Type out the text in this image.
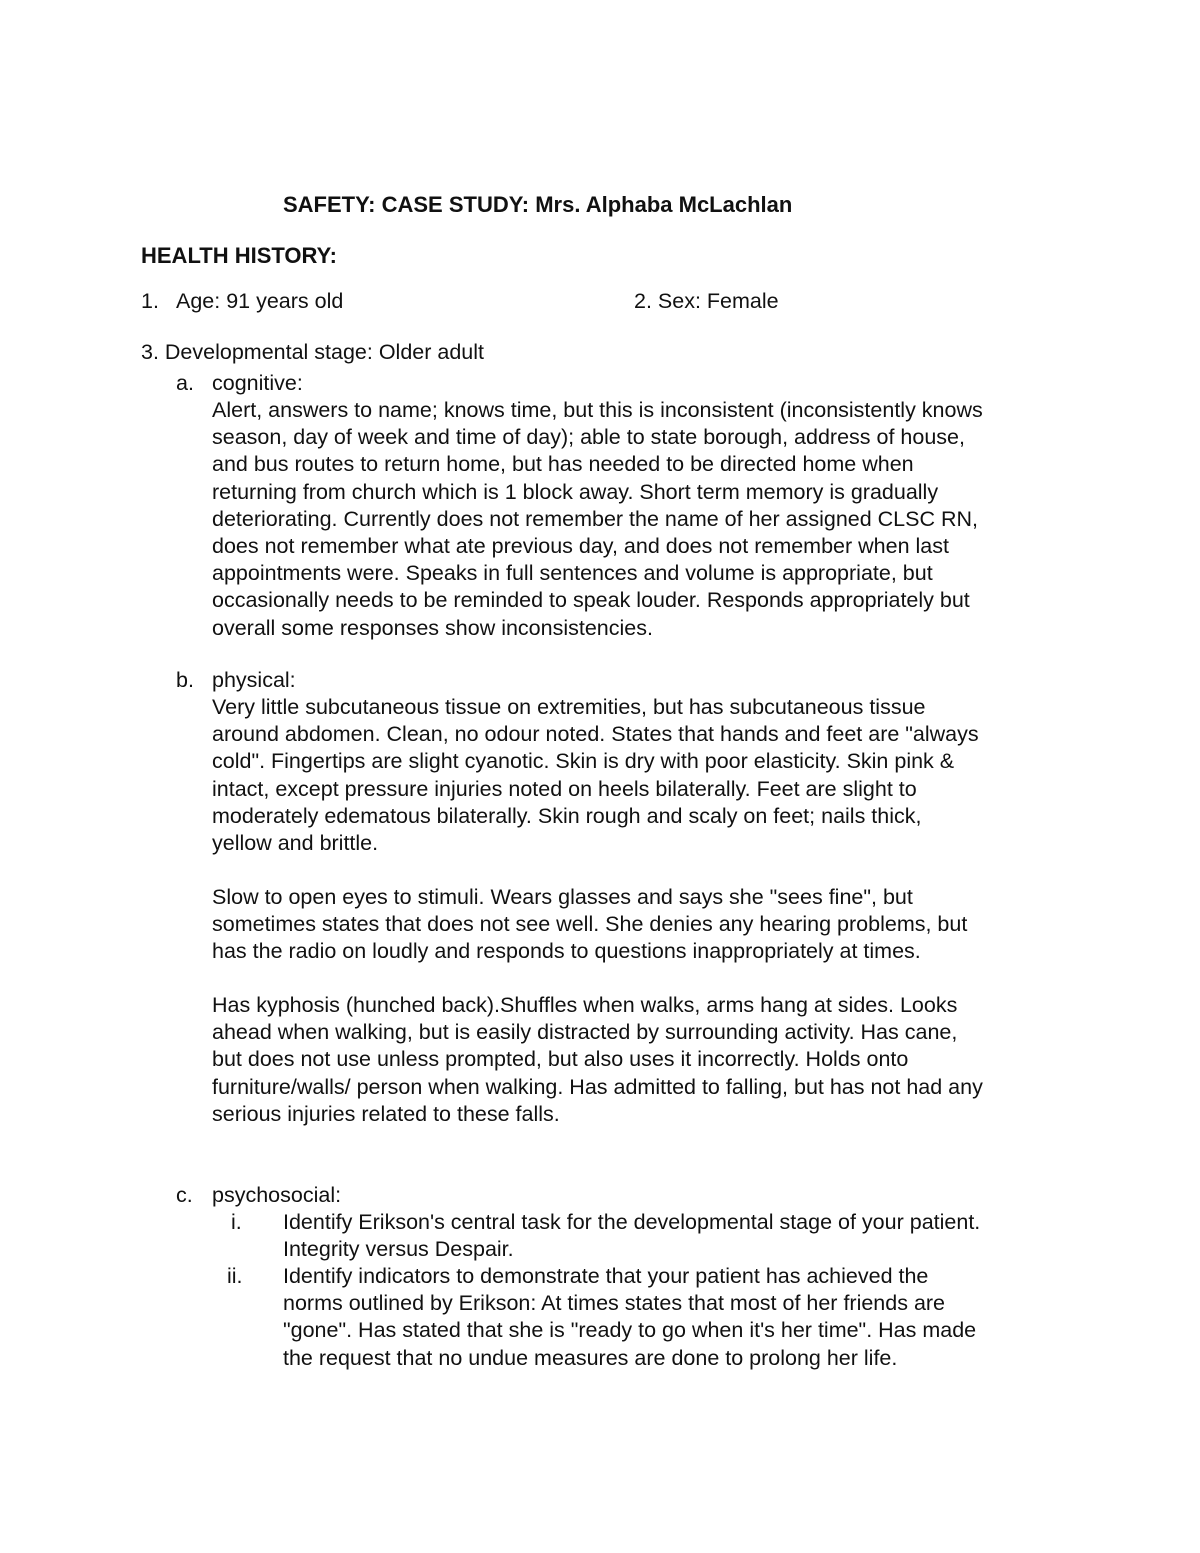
SAFETY: CASE STUDY: Mrs. Alphaba McLachlan
HEALTH HISTORY:
1. Age: 91 years old	2. Sex: Female
3. Developmental stage: Older adult
a. cognitive:
Alert, answers to name; knows time, but this is inconsistent (inconsistently knows
season, day of week and time of day); able to state borough, address of house,
and bus routes to return home, but has needed to be directed home when
returning from church which is 1 block away. Short term memory is gradually
deteriorating. Currently does not remember the name of her assigned CLSC RN,
does not remember what ate previous day, and does not remember when last
appointments were. Speaks in full sentences and volume is appropriate, but
occasionally needs to be reminded to speak louder. Responds appropriately but
overall some responses show inconsistencies.
b. physical:
Very little subcutaneous tissue on extremities, but has subcutaneous tissue
around abdomen. Clean, no odour noted. States that hands and feet are "always
cold". Fingertips are slight cyanotic. Skin is dry with poor elasticity. Skin pink &
intact, except pressure injuries noted on heels bilaterally. Feet are slight to
moderately edematous bilaterally. Skin rough and scaly on feet; nails thick,
yellow and brittle.
Slow to open eyes to stimuli. Wears glasses and says she "sees fine", but
sometimes states that does not see well. She denies any hearing problems, but
has the radio on loudly and responds to questions inappropriately at times.
Has kyphosis (hunched back).Shuffles when walks, arms hang at sides. Looks
ahead when walking, but is easily distracted by surrounding activity. Has cane,
but does not use unless prompted, but also uses it incorrectly. Holds onto
furniture/walls/ person when walking. Has admitted to falling, but has not had any
serious injuries related to these falls.
c. psychosocial:
i. Identify Erikson's central task for the developmental stage of your patient.
Integrity versus Despair.
ii. Identify indicators to demonstrate that your patient has achieved the
norms outlined by Erikson: At times states that most of her friends are
"gone". Has stated that she is "ready to go when it's her time". Has made
the request that no undue measures are done to prolong her life.
